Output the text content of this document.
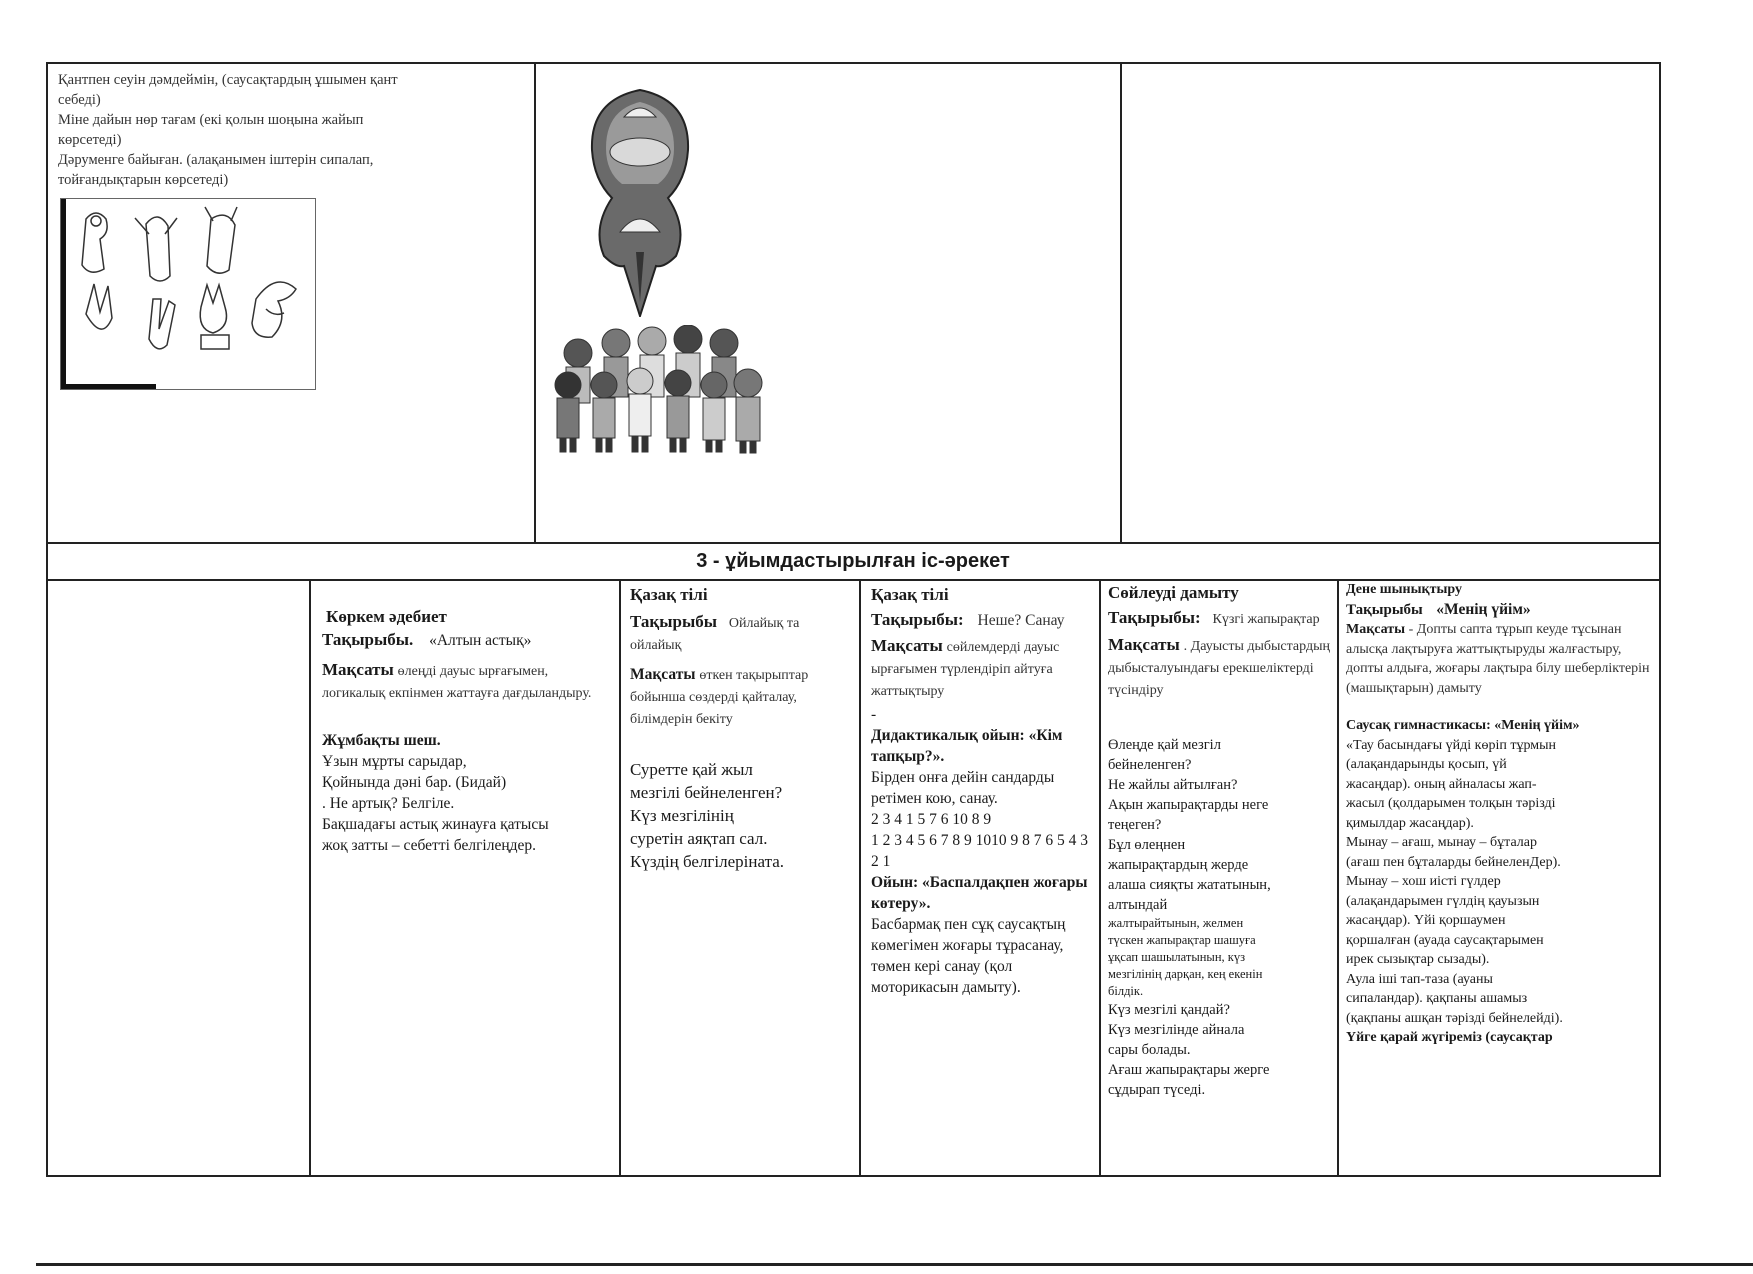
Қантпен сеуін дәмдеймін, (саусақтардың ұшымен қант

себеді)

Міне дайын нөр тағам (екі қолын шоңына жайып

көрсетеді)

Дәруменге байыған. (алақанымен іштерін сипалап,

тойғандықтарын көрсетеді)

3 - ұйымдастырылған іс-әрекет

Көркем әдебиет

Тақырыбы. «Алтын астық»

Мақсаты өлеңді дауыс ырғағымен, логикалық екпінмен жаттауға дағдыландыру.

Жұмбақты шеш.

Ұзын мұрты сарыдар,

Қойнында дәні бар. (Бидай)

. Не артық? Белгіле.

Бақшадағы астық жинауға қатысы

жоқ затты – себетті белгілеңдер.

Қазақ тілі

Тақырыбы Ойлайық та ойлайық

Мақсаты өткен тақырыптар бойынша сөздерді қайталау, білімдерін бекіту

Суретте қай жыл

мезгілі бейнеленген?

Күз мезгілінің

суретін аяқтап сал.

Күздің белгілеріната.

Қазақ тілі

Тақырыбы: Неше? Санау

Мақсаты сөйлемдерді дауыс ырғағымен түрлендіріп айтуға жаттықтыру

-

Дидактикалық ойын: «Кім тапқыр?».

Бірден онға дейін сандарды ретімен кою, санау.

2 3 4 1 5 7 6 10 8 9

1 2 3 4 5 6 7 8 9 1010 9 8 7 6 5 4 3 2 1

Ойын: «Баспалдақпен жоғары көтеру».

Басбармақ пен сұқ саусақтың көмегімен жоғары тұрасанау, төмен кері санау (қол моторикасын дамыту).

Сөйлеуді дамыту

Тақырыбы: Күзгі жапырақтар

Мақсаты . Дауысты дыбыстардың дыбысталуындағы ерекшеліктерді түсіндіру

Өлеңде қай мезгіл

бейнеленген?

Не жайлы айтылған?

Ақын жапырақтарды неге

теңеген?

Бұл өлеңнен

жапырақтардың жерде

алаша сияқты жататынын,

алтындай

жалтырайтынын, желмен

түскен жапырақтар шашуға

ұқсап шашылатынын, күз

мезгілінің дарқан, кең екенін

білдік.

Күз мезгілі қандай?

Күз мезгілінде айнала

сары болады.

Ағаш жапырақтары жерге

сұдырап түседі.

Дене шынықтыру

Тақырыбы «Менің үйім»

Мақсаты - Допты сапта тұрып кеуде тұсынан алысқа лақтыруға жаттықтыруды жалғастыру, допты алдыға, жоғары лақтыра білу шеберліктерін (машықтарын) дамыту

Саусақ гимнастикасы: «Менің үйім»

«Тау басындағы үйді көріп тұрмын

(алақандарынды қосып, үй

жасаңдар). оның айналасы жап-

жасыл (қолдарымен толқын тәрізді

қимылдар жасаңдар).

Мынау – ағаш, мынау – бұталар

(ағаш пен бұталарды бейнеленДер).

Мынау – хош иісті гүлдер

(алақандарымен гүлдің қауызын

жасаңдар). Үйі қоршаумен

қоршалған (ауада саусақтарымен

ирек сызықтар сызады).

Аула іші тап-таза (ауаны

сипаландар). қақпаны ашамыз

(қақпаны ашқан тәрізді бейнелейді).

Үйге қарай жүгіреміз (саусақтар
